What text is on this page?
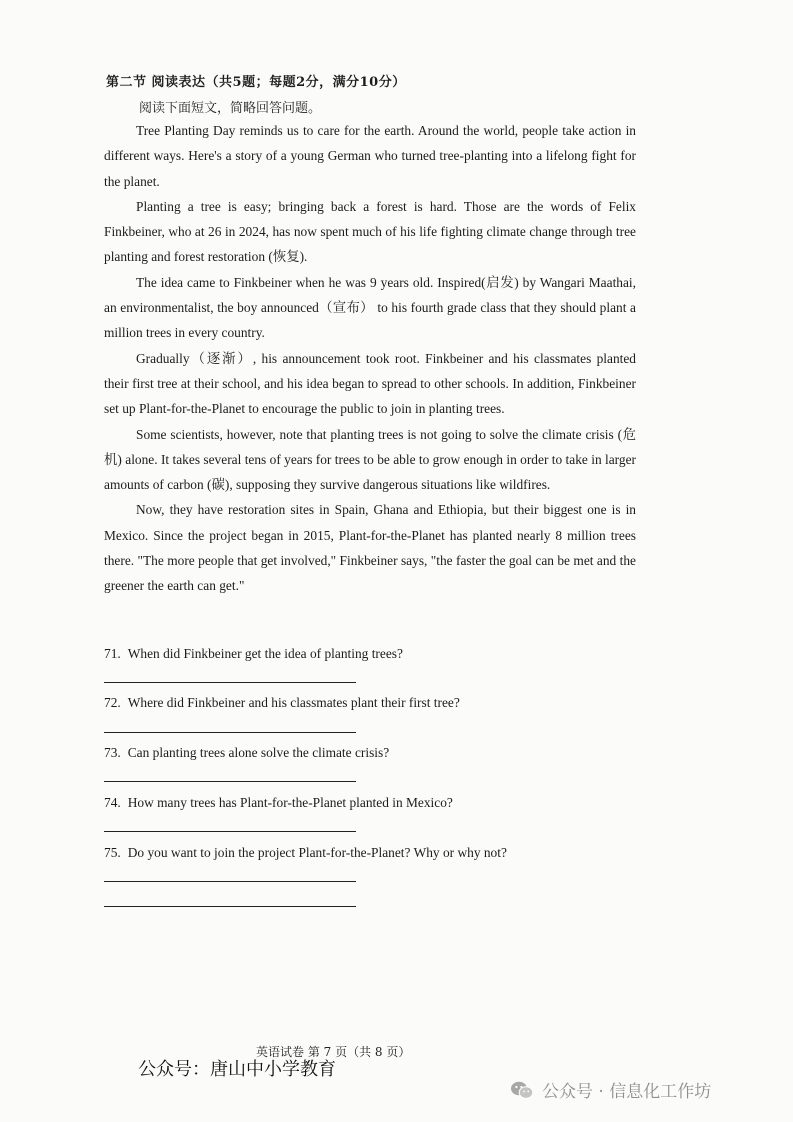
第二节 阅读表达（共5题；每题2分，满分10分）
阅读下面短文，简略回答问题。

Tree Planting Day reminds us to care for the earth. Around the world, people take action in different ways. Here's a story of a young German who turned tree-planting into a lifelong fight for the planet.

Planting a tree is easy; bringing back a forest is hard. Those are the words of Felix Finkbeiner, who at 26 in 2024, has now spent much of his life fighting climate change through tree planting and forest restoration (恢复).

The idea came to Finkbeiner when he was 9 years old. Inspired(启发) by Wangari Maathai, an environmentalist, the boy announced（宣布） to his fourth grade class that they should plant a million trees in every country.

Gradually（逐渐）, his announcement took root. Finkbeiner and his classmates planted their first tree at their school, and his idea began to spread to other schools. In addition, Finkbeiner set up Plant-for-the-Planet to encourage the public to join in planting trees.

Some scientists, however, note that planting trees is not going to solve the climate crisis (危机) alone. It takes several tens of years for trees to be able to grow enough in order to take in larger amounts of carbon (碳), supposing they survive dangerous situations like wildfires.

Now, they have restoration sites in Spain, Ghana and Ethiopia, but their biggest one is in Mexico. Since the project began in 2015, Plant-for-the-Planet has planted nearly 8 million trees there. "The more people that get involved," Finkbeiner says, "the faster the goal can be met and the greener the earth can get."

71. When did Finkbeiner get the idea of planting trees?
72. Where did Finkbeiner and his classmates plant their first tree?
73. Can planting trees alone solve the climate crisis?
74. How many trees has Plant-for-the-Planet planted in Mexico?
75. Do you want to join the project Plant-for-the-Planet? Why or why not?
英语试卷 第 7 页（共 8 页）
公众号：唐山中小学教育
公众号 · 信息化工作坊
